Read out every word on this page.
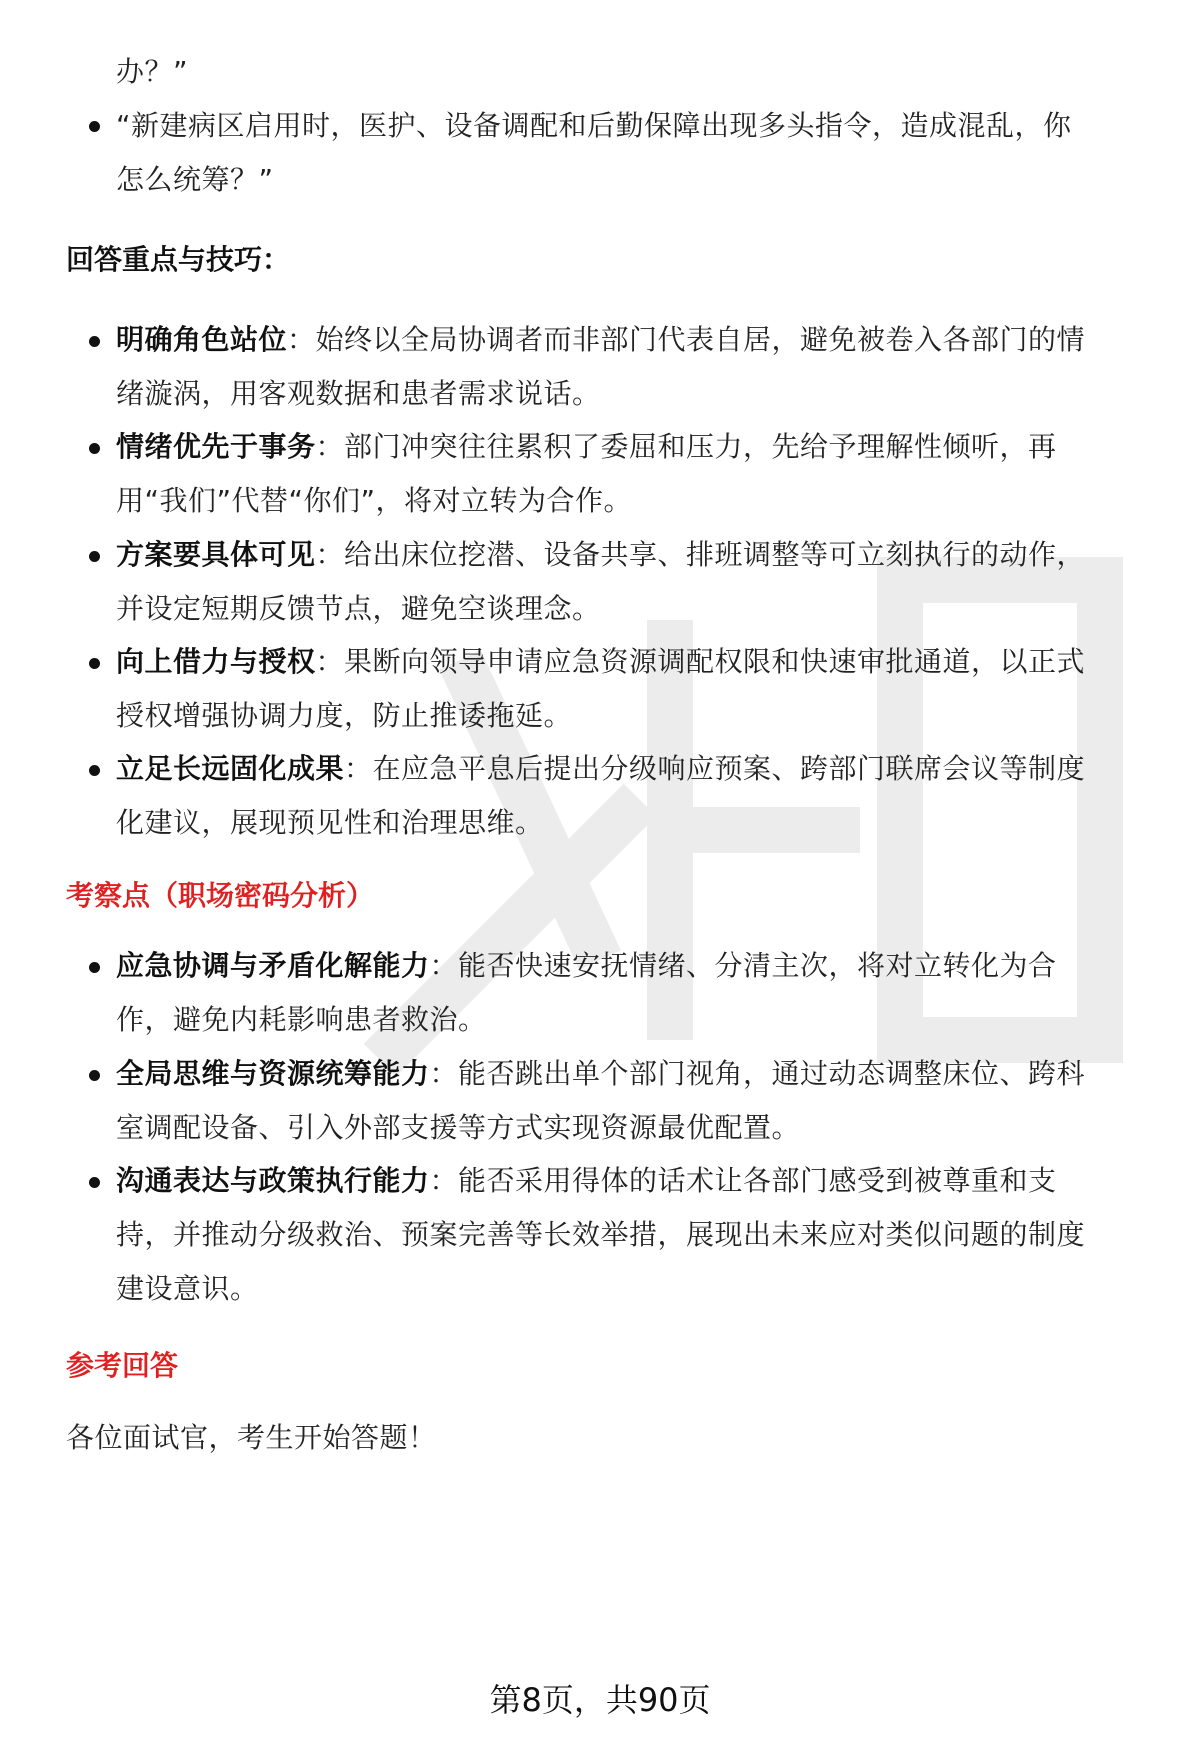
办？”
“新建病区启用时，医护、设备调配和后勤保障出现多头指令，造成混乱，你
怎么统筹？”
回答重点与技巧：
明确角色站位：始终以全局协调者而非部门代表自居，避免被卷入各部门的情
绪漩涡，用客观数据和患者需求说话。
情绪优先于事务：部门冲突往往累积了委屈和压力，先给予理解性倾听，再
用“我们”代替“你们”，将对立转为合作。
方案要具体可见：给出床位挖潜、设备共享、排班调整等可立刻执行的动作，
并设定短期反馈节点，避免空谈理念。
向上借力与授权：果断向领导申请应急资源调配权限和快速审批通道，以正式
授权增强协调力度，防止推诿拖延。
立足长远固化成果：在应急平息后提出分级响应预案、跨部门联席会议等制度
化建议，展现预见性和治理思维。
考察点（职场密码分析）
应急协调与矛盾化解能力：能否快速安抚情绪、分清主次，将对立转化为合
作，避免内耗影响患者救治。
全局思维与资源统筹能力：能否跳出单个部门视角，通过动态调整床位、跨科
室调配设备、引入外部支援等方式实现资源最优配置。
沟通表达与政策执行能力：能否采用得体的话术让各部门感受到被尊重和支
持，并推动分级救治、预案完善等长效举措，展现出未来应对类似问题的制度
建设意识。
参考回答
各位面试官，考生开始答题！
第8页，共90页
